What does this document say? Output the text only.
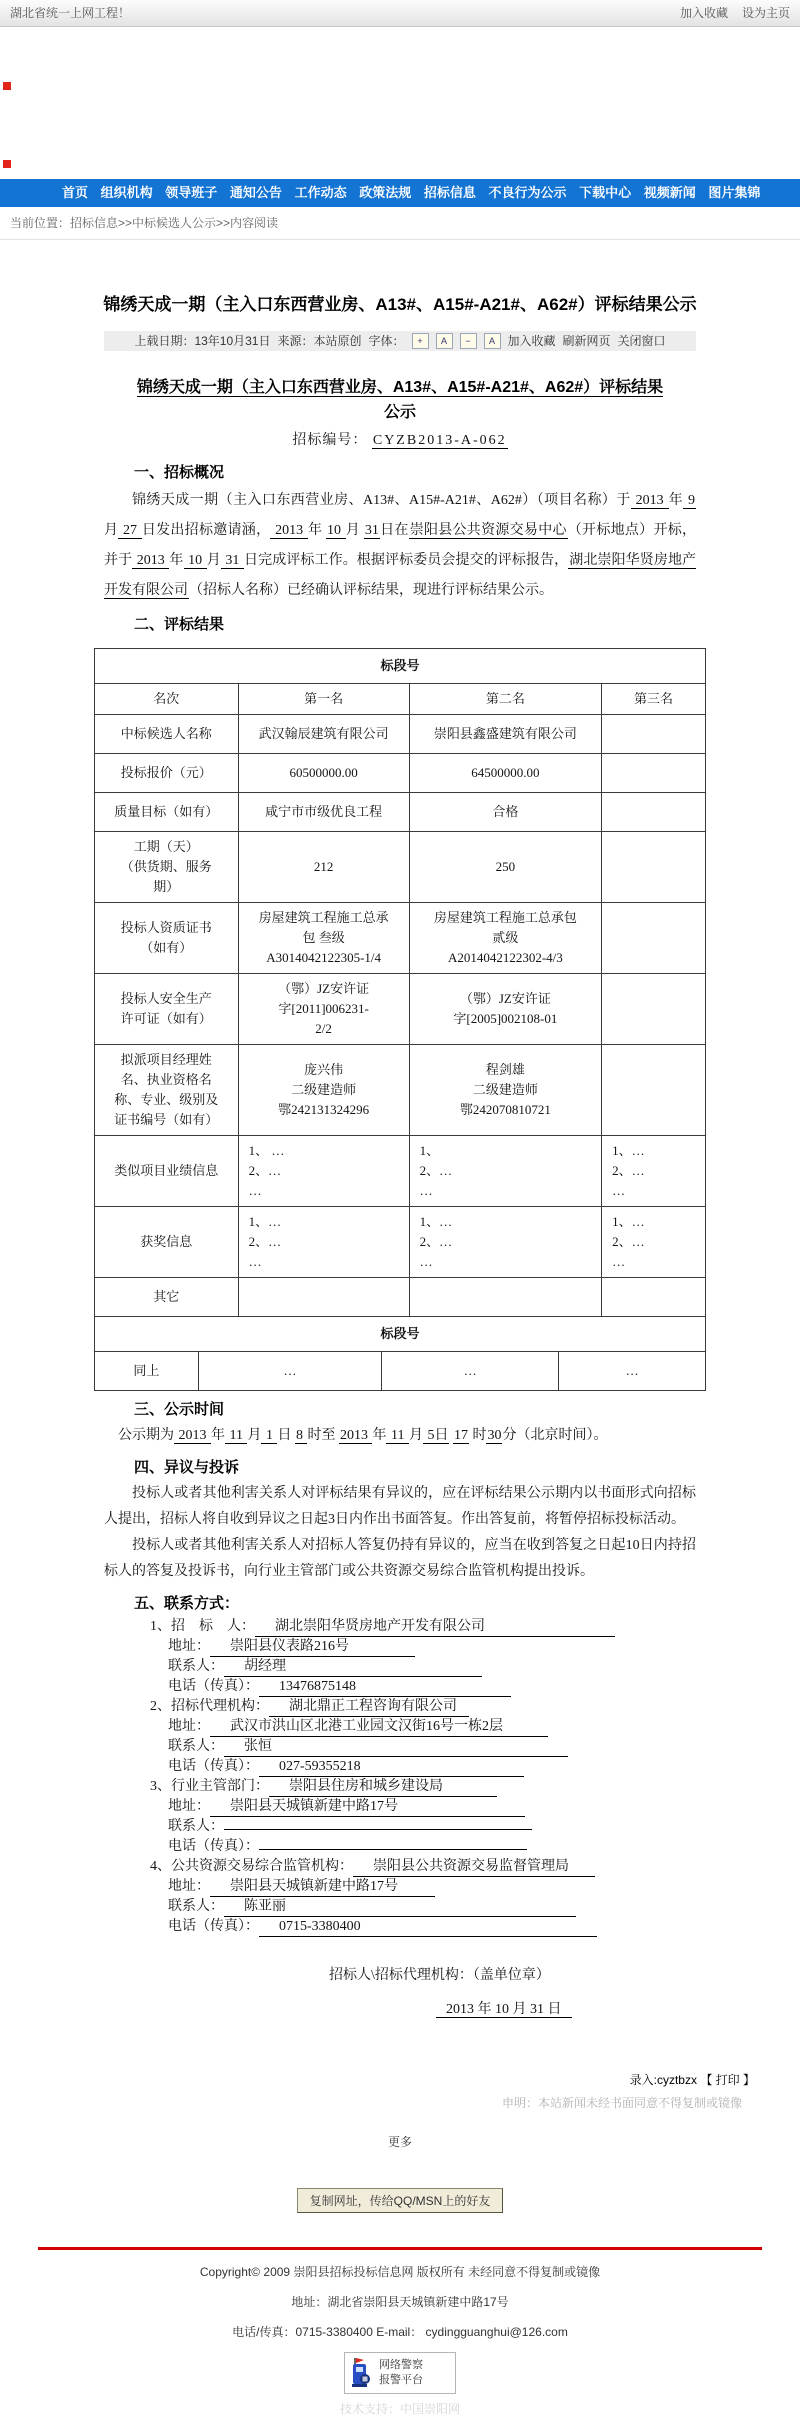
湖北省统一上网工程！	加入收藏 设为主页
首页 组织机构 领导班子 通知公告 工作动态 政策法规 招标信息 不良行为公示 下载中心 视频新闻 图片集锦
当前位置：招标信息>>中标候选人公示>>内容阅读
锦绣天成一期（主入口东西营业房、A13#、A15#-A21#、A62#）评标结果公示
上载日期：13年10月31日 来源：本站原创 字体：	+	A	−	A	加入收藏 刷新网页 关闭窗口
锦绣天成一期（主入口东西营业房、A13#、A15#-A21#、A62#）评标结果
公示
招标编号： CYZB2013-A-062
一、招标概况
锦绣天成一期（主入口东西营业房、A13#、A15#-A21#、A62#）（项目名称）于 2013 年 9 月 27 日发出招标邀请涵， 2013 年 10 月 31日在崇阳县公共资源交易中心（开标地点）开标，并于 2013 年 10 月 31 日完成评标工作。根据评标委员会提交的评标报告，湖北崇阳华贤房地产开发有限公司（招标人名称）已经确认评标结果，现进行评标结果公示。
二、评标结果
标段号			
名次	第一名	第二名	第三名
中标候选人名称	武汉翰辰建筑有限公司	崇阳县鑫盛建筑有限公司	
投标报价（元）	60500000.00	64500000.00	
质量目标（如有）	咸宁市市级优良工程	合格	
工期（天）
（供货期、服务
期）	212	250	
投标人资质证书
（如有）	房屋建筑工程施工总承
包 叁级
A3014042122305-1/4	房屋建筑工程施工总承包
贰级
A2014042122302-4/3	
投标人安全生产
许可证（如有）	（鄂）JZ安许证
字[2011]006231-
2/2	（鄂）JZ安许证
字[2005]002108-01	
拟派项目经理姓
名、执业资格名
称、专业、级别及
证书编号（如有）	庞兴伟
二级建造师
鄂242131324296	程剑雄
二级建造师
鄂242070810721	
类似项目业绩信息	1、 …
2、…
…	1、
2、…
…	1、…
2、…
…
获奖信息	1、…
2、…
…	1、…
2、…
…	1、…
2、…
…
其它			
标段号
同上	…	…	…
三、公示时间
公示期为 2013 年 11 月 1 日 8 时至 2013 年 11 月 5日 17 时30分（北京时间）。
四、异议与投诉
投标人或者其他利害关系人对评标结果有异议的，应在评标结果公示期内以书面形式向招标人提出，招标人将自收到异议之日起3日内作出书面答复。作出答复前，将暂停招标投标活动。
投标人或者其他利害关系人对招标人答复仍持有异议的，应当在收到答复之日起10日内持招标人的答复及投诉书，向行业主管部门或公共资源交易综合监管机构提出投诉。
五、联系方式：
1、招　标　人： 湖北崇阳华贤房地产开发有限公司
地址： 崇阳县仪表路216号
联系人： 胡经理
电话（传真）： 13476875148
2、招标代理机构： 湖北鼎正工程咨询有限公司
地址： 武汉市洪山区北港工业园文汉街16号一栋2层
联系人： 张恒
电话（传真）： 027-59355218
3、行业主管部门： 崇阳县住房和城乡建设局
地址： 崇阳县天城镇新建中路17号
联系人：
电话（传真）：
4、公共资源交易综合监管机构： 崇阳县公共资源交易监督管理局
地址： 崇阳县天城镇新建中路17号
联系人： 陈亚丽
电话（传真）： 0715-3380400
招标人\招标代理机构：（盖单位章）
2013 年 10 月 31 日
录入:cyztbzx 【 打印 】
申明：本站新闻未经书面同意不得复制或镜像
更多
复制网址，传给QQ/MSN上的好友
Copyright© 2009 崇阳县招标投标信息网 版权所有 未经同意不得复制或镜像
地址：湖北省崇阳县天城镇新建中路17号
电话/传真：0715-3380400 E-mail： cydingguanghui@126.com
网络警察
报警平台
技术支持：中国崇阳网
